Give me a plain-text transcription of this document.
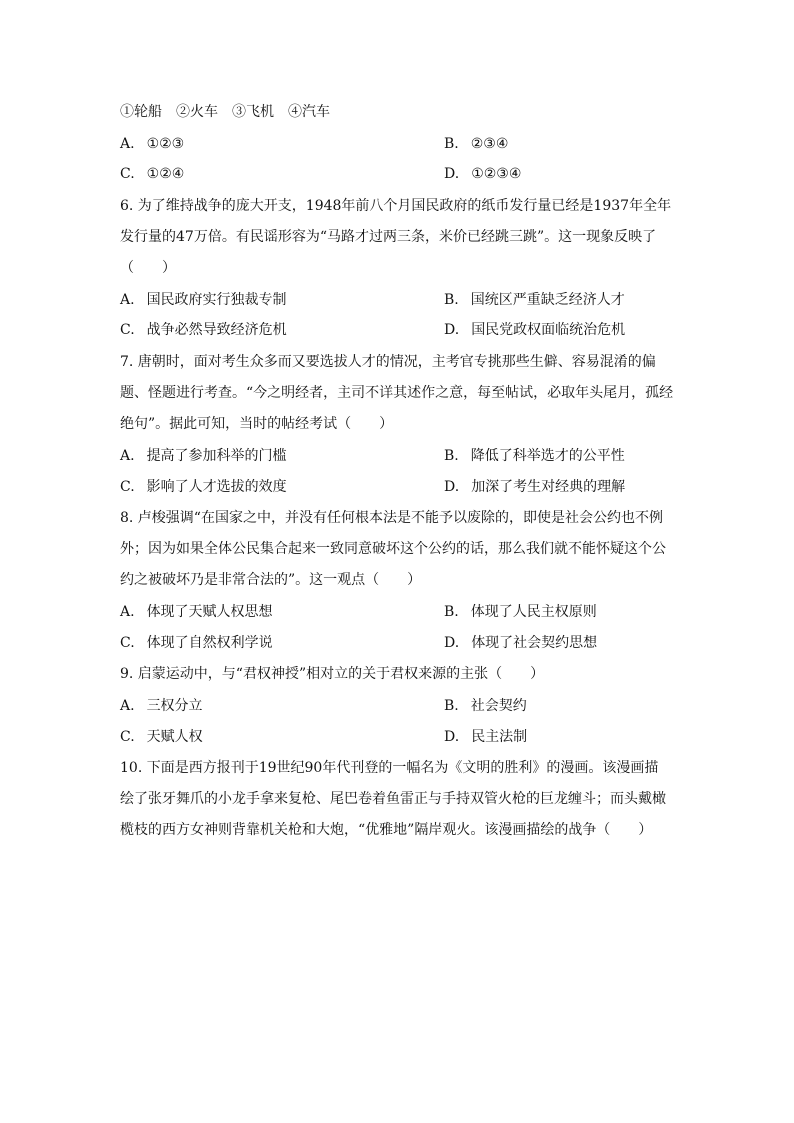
①轮船　②火车　③飞机　④汽车
A. ①②③	B. ②③④
C. ①②④	D. ①②③④
6. 为了维持战争的庞大开支，1948年前八个月国民政府的纸币发行量已经是1937年全年
发行量的47万倍。有民谣形容为“马路才过两三条，米价已经跳三跳”。这一现象反映了
（　　）
A. 国民政府实行独裁专制	B. 国统区严重缺乏经济人才
C. 战争必然导致经济危机	D. 国民党政权面临统治危机
7. 唐朝时，面对考生众多而又要选拔人才的情况，主考官专挑那些生僻、容易混淆的偏
题、怪题进行考查。“今之明经者，主司不详其述作之意，每至帖试，必取年头尾月，孤经
绝句”。据此可知，当时的帖经考试（　　）
A. 提高了参加科举的门槛	B. 降低了科举选才的公平性
C. 影响了人才选拔的效度	D. 加深了考生对经典的理解
8. 卢梭强调“在国家之中，并没有任何根本法是不能予以废除的，即使是社会公约也不例
外；因为如果全体公民集合起来一致同意破坏这个公约的话，那么我们就不能怀疑这个公
约之被破坏乃是非常合法的”。这一观点（　　）
A. 体现了天赋人权思想	B. 体现了人民主权原则
C. 体现了自然权利学说	D. 体现了社会契约思想
9. 启蒙运动中，与“君权神授”相对立的关于君权来源的主张（　　）
A. 三权分立	B. 社会契约
C. 天赋人权	D. 民主法制
10. 下面是西方报刊于19世纪90年代刊登的一幅名为《文明的胜利》的漫画。该漫画描
绘了张牙舞爪的小龙手拿来复枪、尾巴卷着鱼雷正与手持双管火枪的巨龙缠斗；而头戴橄
榄枝的西方女神则背靠机关枪和大炮，“优雅地”隔岸观火。该漫画描绘的战争（　　）
